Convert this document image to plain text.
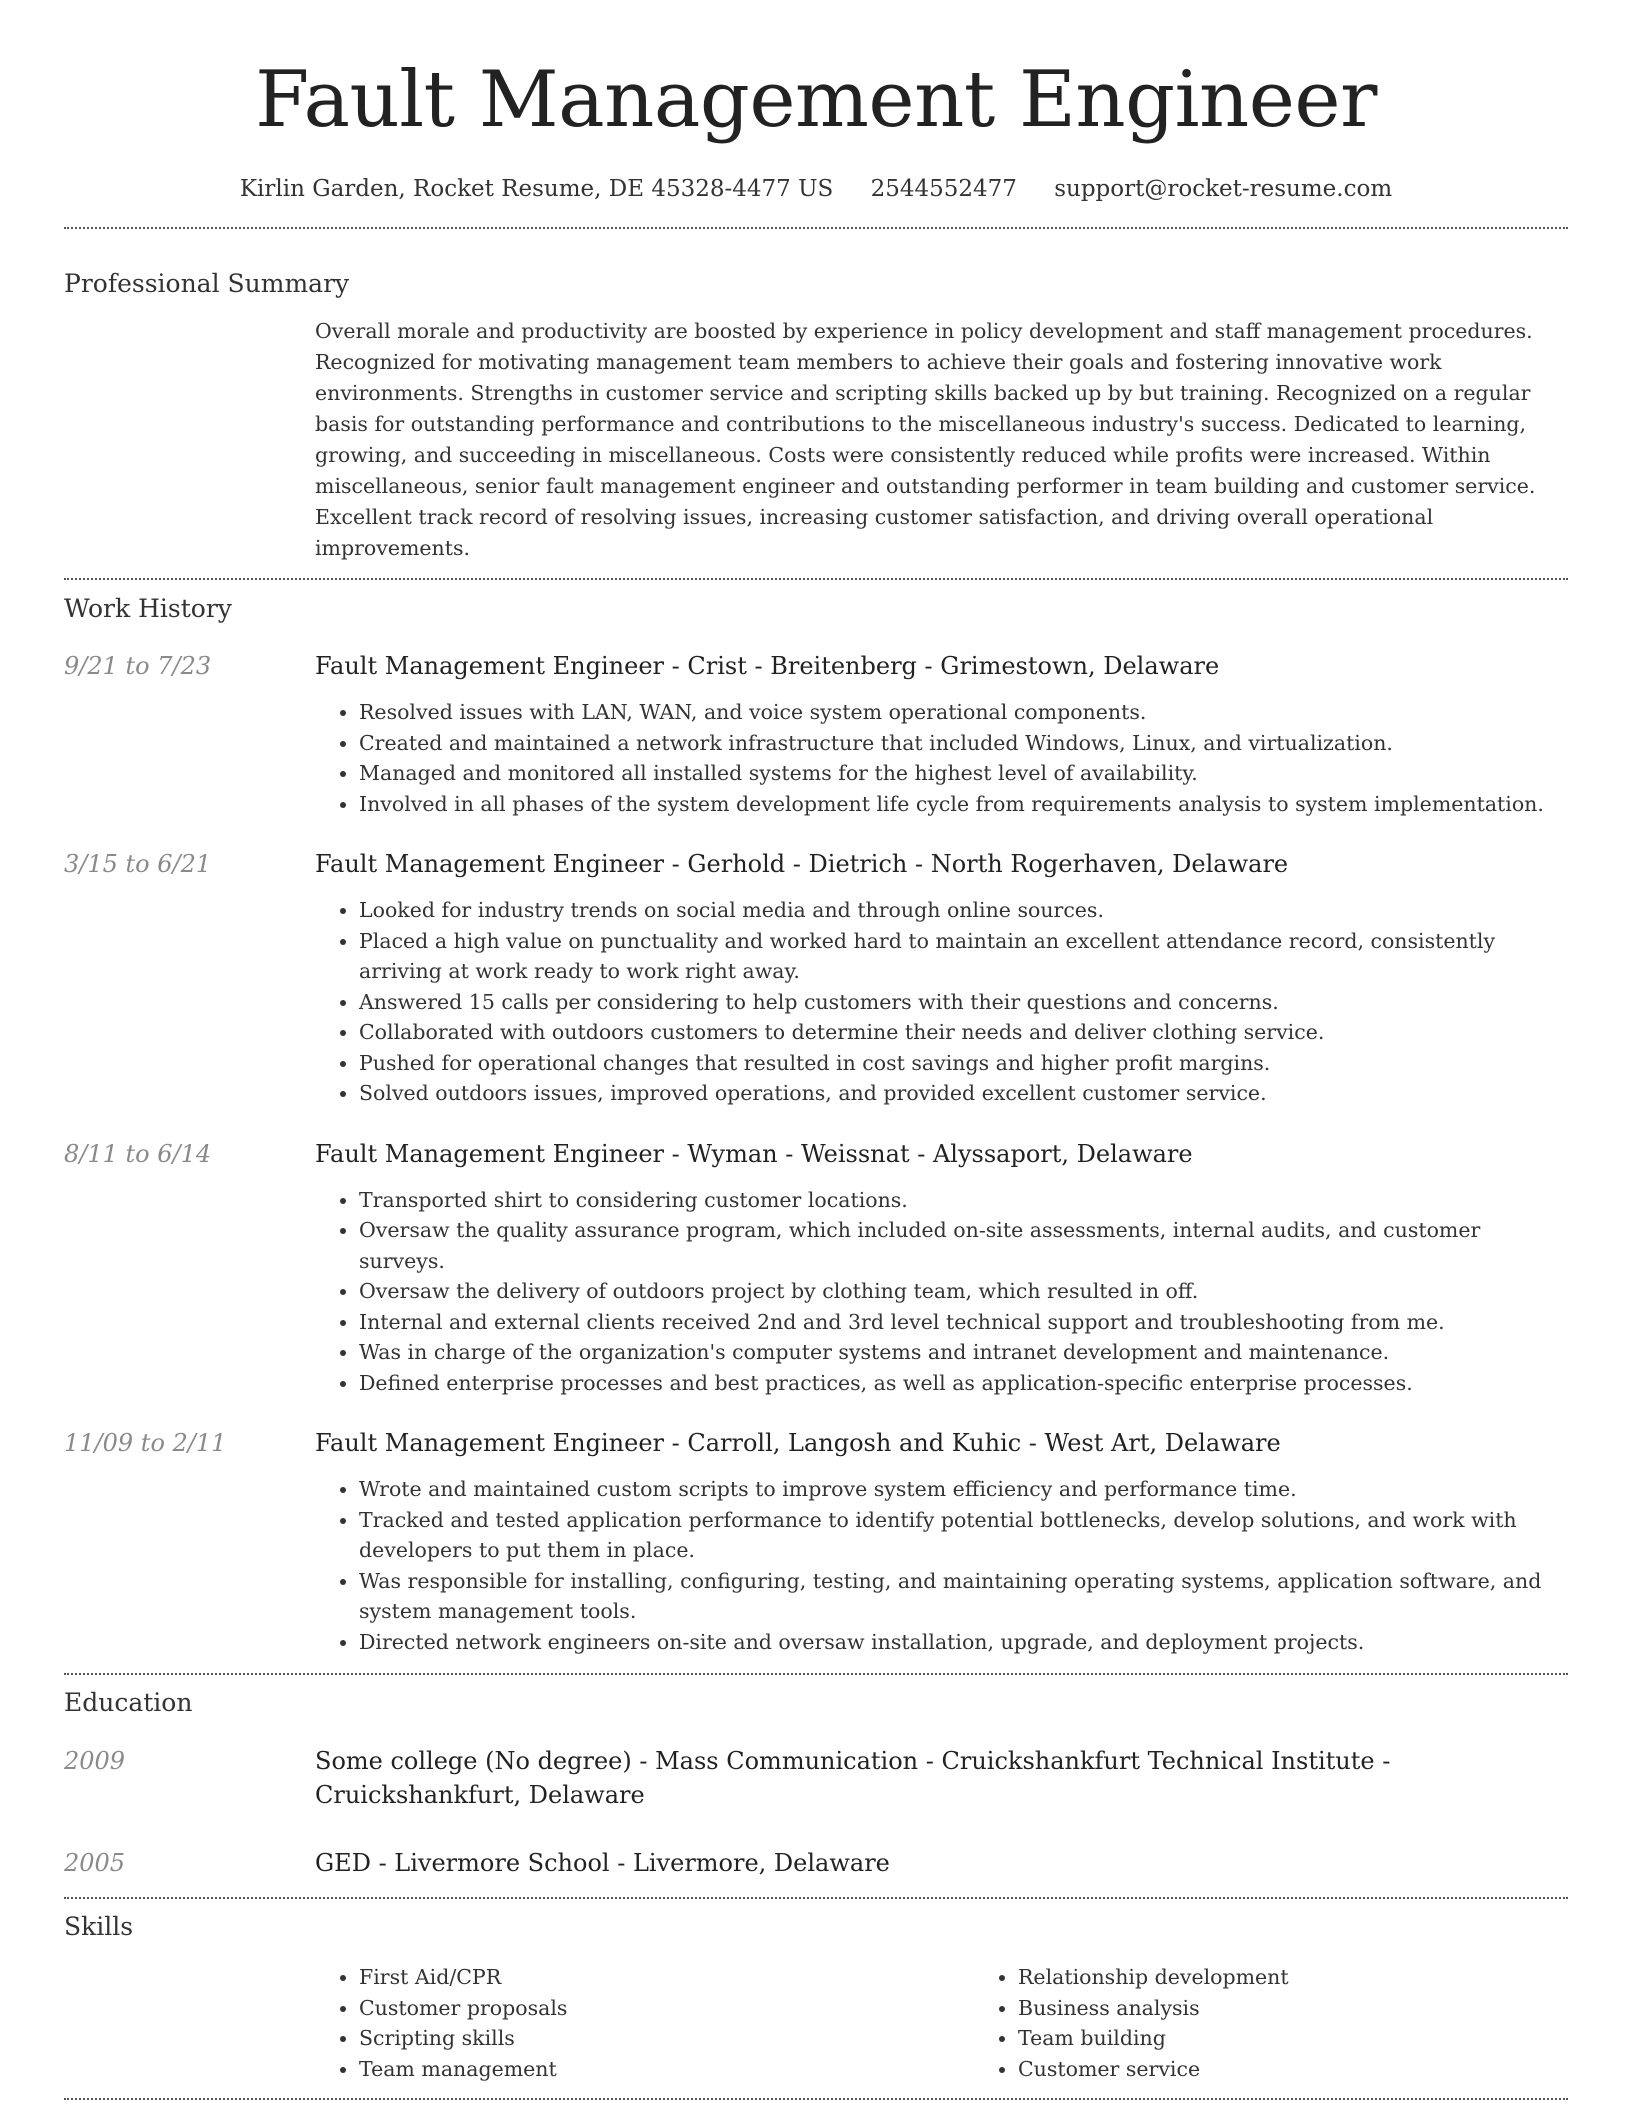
Fault Management Engineer
Kirlin Garden, Rocket Resume, DE 45328-4477 US 2544552477 support@rocket-resume.com
Professional Summary
Overall morale and productivity are boosted by experience in policy development and staff management procedures. Recognized for motivating management team members to achieve their goals and fostering innovative work environments. Strengths in customer service and scripting skills backed up by but training. Recognized on a regular basis for outstanding performance and contributions to the miscellaneous industry's success. Dedicated to learning, growing, and succeeding in miscellaneous. Costs were consistently reduced while profits were increased. Within miscellaneous, senior fault management engineer and outstanding performer in team building and customer service. Excellent track record of resolving issues, increasing customer satisfaction, and driving overall operational improvements.
Work History
9/21 to 7/23	Fault Management Engineer - Crist - Breitenberg - Grimestown, Delaware
• Resolved issues with LAN, WAN, and voice system operational components.
• Created and maintained a network infrastructure that included Windows, Linux, and virtualization.
• Managed and monitored all installed systems for the highest level of availability.
• Involved in all phases of the system development life cycle from requirements analysis to system implementation.
3/15 to 6/21	Fault Management Engineer - Gerhold - Dietrich - North Rogerhaven, Delaware
• Looked for industry trends on social media and through online sources.
• Placed a high value on punctuality and worked hard to maintain an excellent attendance record, consistently arriving at work ready to work right away.
• Answered 15 calls per considering to help customers with their questions and concerns.
• Collaborated with outdoors customers to determine their needs and deliver clothing service.
• Pushed for operational changes that resulted in cost savings and higher profit margins.
• Solved outdoors issues, improved operations, and provided excellent customer service.
8/11 to 6/14	Fault Management Engineer - Wyman - Weissnat - Alyssaport, Delaware
• Transported shirt to considering customer locations.
• Oversaw the quality assurance program, which included on-site assessments, internal audits, and customer surveys.
• Oversaw the delivery of outdoors project by clothing team, which resulted in off.
• Internal and external clients received 2nd and 3rd level technical support and troubleshooting from me.
• Was in charge of the organization's computer systems and intranet development and maintenance.
• Defined enterprise processes and best practices, as well as application-specific enterprise processes.
11/09 to 2/11	Fault Management Engineer - Carroll, Langosh and Kuhic - West Art, Delaware
• Wrote and maintained custom scripts to improve system efficiency and performance time.
• Tracked and tested application performance to identify potential bottlenecks, develop solutions, and work with developers to put them in place.
• Was responsible for installing, configuring, testing, and maintaining operating systems, application software, and system management tools.
• Directed network engineers on-site and oversaw installation, upgrade, and deployment projects.
Education
2009	Some college (No degree) - Mass Communication - Cruickshankfurt Technical Institute - Cruickshankfurt, Delaware
2005	GED - Livermore School - Livermore, Delaware
Skills
• First Aid/CPR
• Customer proposals
• Scripting skills
• Team management
• Relationship development
• Business analysis
• Team building
• Customer service
